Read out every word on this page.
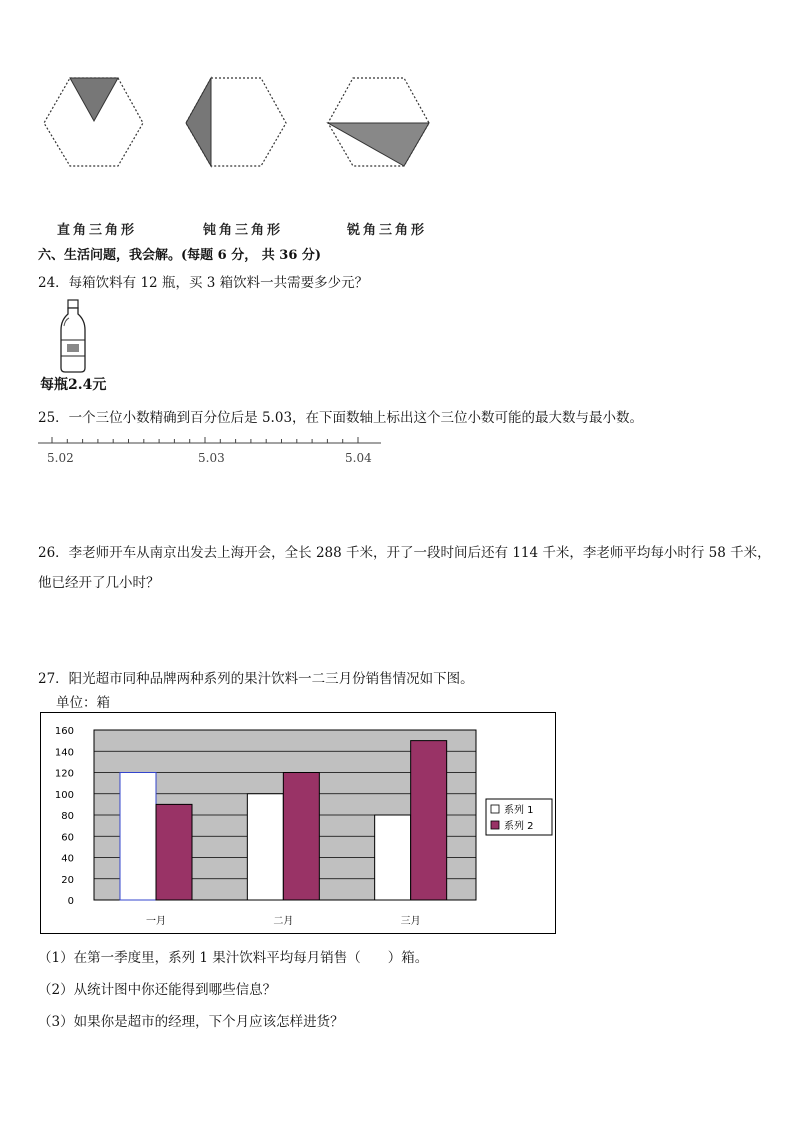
直角三角形	钝角三角形	锐角三角形
六、生活问题，我会解。(每题 6 分， 共 36 分)
24．每箱饮料有 12 瓶，买 3 箱饮料一共需要多少元？
每瓶2.4元
25．一个三位小数精确到百分位后是 5.03，在下面数轴上标出这个三位小数可能的最大数与最小数。
5.02	5.03	5.04
26．李老师开车从南京出发去上海开会，全长 288 千米，开了一段时间后还有 114 千米，李老师平均每小时行 58 千米，
他已经开了几小时？
27．阳光超市同种品牌两种系列的果汁饮料一二三月份销售情况如下图。
单位：箱
0
20
40
60
80
100
120
140
160
一月	二月	三月
系列 1
系列 2
（1）在第一季度里，系列 1 果汁饮料平均每月销售（　　）箱。
（2）从统计图中你还能得到哪些信息？
（3）如果你是超市的经理，下个月应该怎样进货？
